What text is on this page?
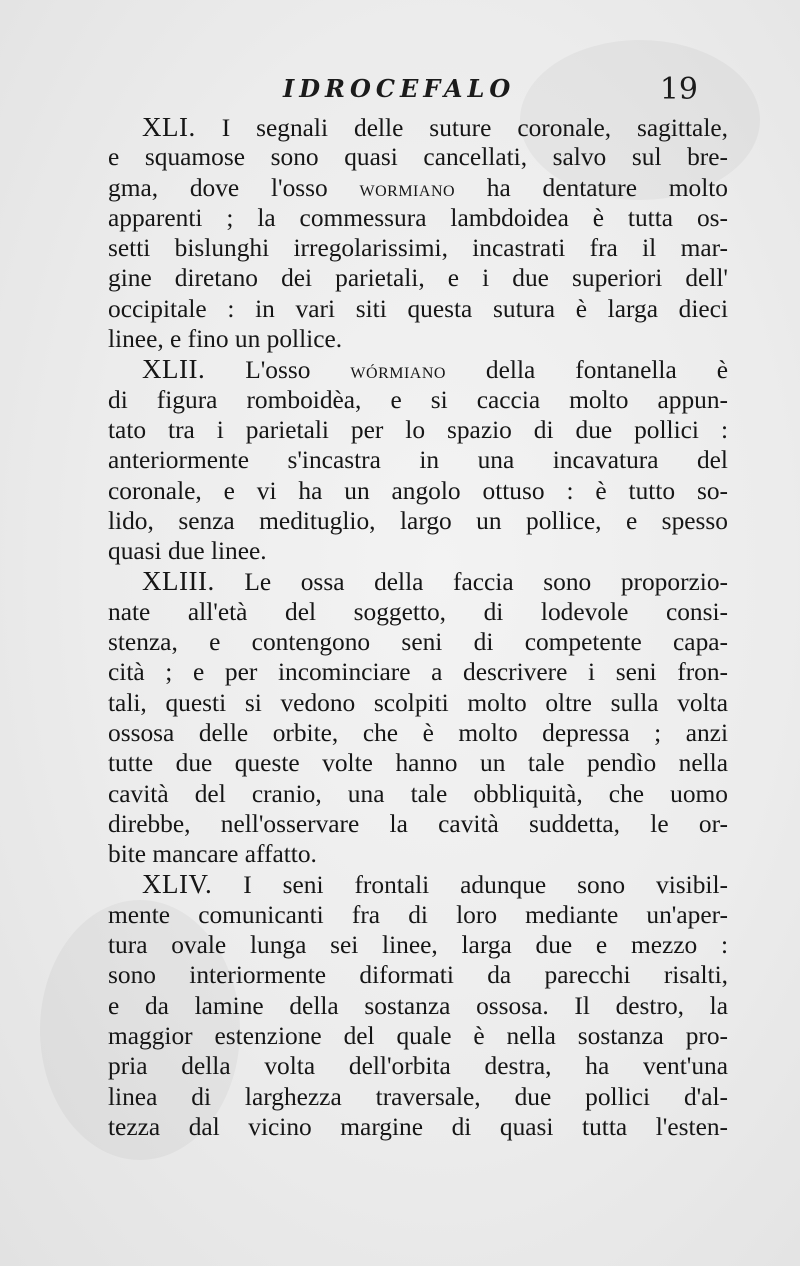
IDROCEFALO	19

XLI. I segnali delle suture coronale, sagittale,
e squamose sono quasi cancellati, salvo sul bre-
gma, dove l'osso wormiano ha dentature molto
apparenti ; la commessura lambdoidea è tutta os-
setti bislunghi irregolarissimi, incastrati fra il mar-
gine diretano dei parietali, e i due superiori dell'
occipitale : in vari siti questa sutura è larga dieci
linee, e fino un pollice.

XLII. L'osso wórmiano della fontanella è
di figura romboidèa, e si caccia molto appun-
tato tra i parietali per lo spazio di due pollici :
anteriormente s'incastra in una incavatura del
coronale, e vi ha un angolo ottuso : è tutto so-
lido, senza medituglio, largo un pollice, e spesso
quasi due linee.

XLIII. Le ossa della faccia sono proporzio-
nate all'età del soggetto, di lodevole consi-
stenza, e contengono seni di competente capa-
cità ; e per incominciare a descrivere i seni fron-
tali, questi si vedono scolpiti molto oltre sulla volta
ossosa delle orbite, che è molto depressa ; anzi
tutte due queste volte hanno un tale pendìo nella
cavità del cranio, una tale obbliquità, che uomo
direbbe, nell'osservare la cavità suddetta, le or-
bite mancare affatto.

XLIV. I seni frontali adunque sono visibil-
mente comunicanti fra di loro mediante un'aper-
tura ovale lunga sei linee, larga due e mezzo :
sono interiormente diformati da parecchi risalti,
e da lamine della sostanza ossosa. Il destro, la
maggior estenzione del quale è nella sostanza pro-
pria della volta dell'orbita destra, ha vent'una
linea di larghezza traversale, due pollici d'al-
tezza dal vicino margine di quasi tutta l'esten-
